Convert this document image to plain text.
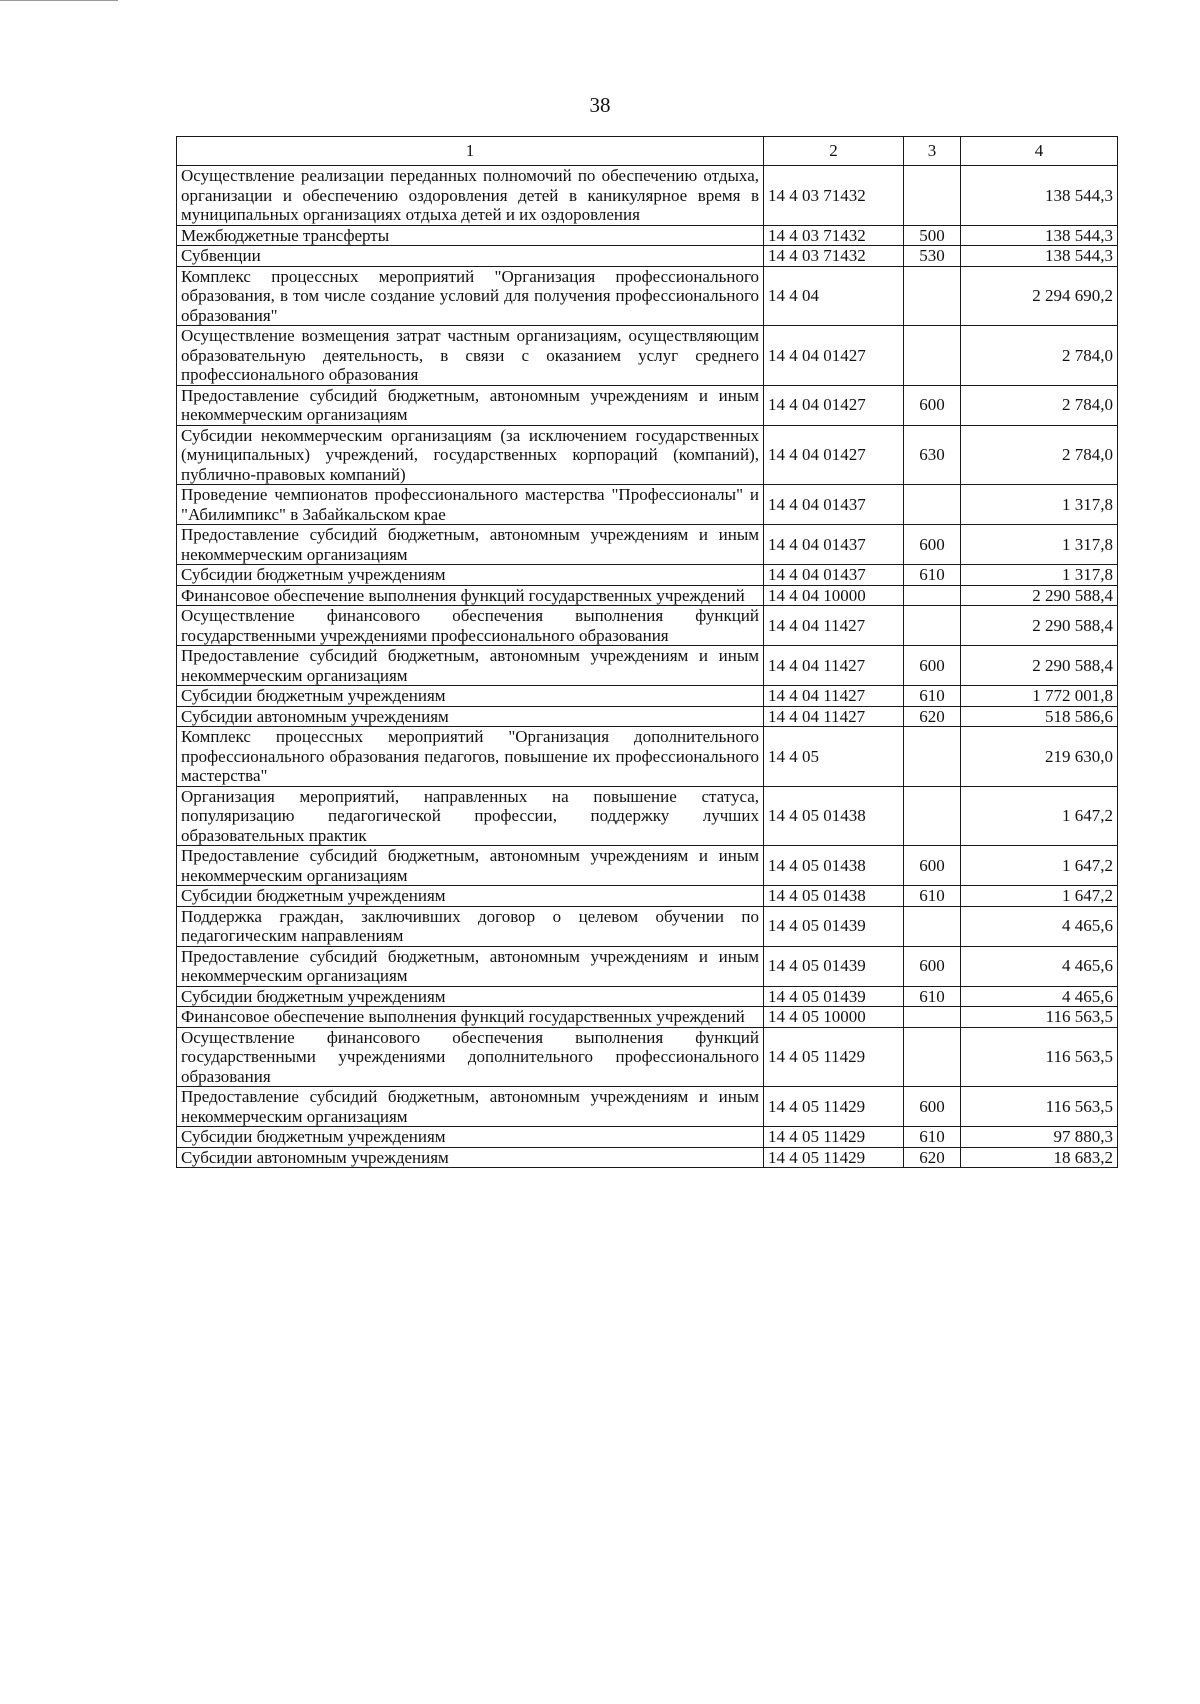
38
1	2	3	4
Осуществление реализации переданных полномочий по обеспечению отдыха, организации и обеспечению оздоровления детей в каникулярное время в муниципальных организациях отдыха детей и их оздоровления	14 4 03 71432		138 544,3
Межбюджетные трансферты	14 4 03 71432	500	138 544,3
Субвенции	14 4 03 71432	530	138 544,3
Комплекс процессных мероприятий "Организация профессионального образования, в том числе создание условий для получения профессионального образования"	14 4 04		2 294 690,2
Осуществление возмещения затрат частным организациям, осуществляющим образовательную деятельность, в связи с оказанием услуг среднего профессионального образования	14 4 04 01427		2 784,0
Предоставление субсидий бюджетным, автономным учреждениям и иным некоммерческим организациям	14 4 04 01427	600	2 784,0
Субсидии некоммерческим организациям (за исключением государственных (муниципальных) учреждений, государственных корпораций (компаний), публично-правовых компаний)	14 4 04 01427	630	2 784,0
Проведение чемпионатов профессионального мастерства "Профессионалы" и "Абилимпикс" в Забайкальском крае	14 4 04 01437		1 317,8
Предоставление субсидий бюджетным, автономным учреждениям и иным некоммерческим организациям	14 4 04 01437	600	1 317,8
Субсидии бюджетным учреждениям	14 4 04 01437	610	1 317,8
Финансовое обеспечение выполнения функций государственных учреждений	14 4 04 10000		2 290 588,4
Осуществление финансового обеспечения выполнения функций государственными учреждениями профессионального образования	14 4 04 11427		2 290 588,4
Предоставление субсидий бюджетным, автономным учреждениям и иным некоммерческим организациям	14 4 04 11427	600	2 290 588,4
Субсидии бюджетным учреждениям	14 4 04 11427	610	1 772 001,8
Субсидии автономным учреждениям	14 4 04 11427	620	518 586,6
Комплекс процессных мероприятий "Организация дополнительного профессионального образования педагогов, повышение их профессионального мастерства"	14 4 05		219 630,0
Организация мероприятий, направленных на повышение статуса, популяризацию педагогической профессии, поддержку лучших образовательных практик	14 4 05 01438		1 647,2
Предоставление субсидий бюджетным, автономным учреждениям и иным некоммерческим организациям	14 4 05 01438	600	1 647,2
Субсидии бюджетным учреждениям	14 4 05 01438	610	1 647,2
Поддержка граждан, заключивших договор о целевом обучении по педагогическим направлениям	14 4 05 01439		4 465,6
Предоставление субсидий бюджетным, автономным учреждениям и иным некоммерческим организациям	14 4 05 01439	600	4 465,6
Субсидии бюджетным учреждениям	14 4 05 01439	610	4 465,6
Финансовое обеспечение выполнения функций государственных учреждений	14 4 05 10000		116 563,5
Осуществление финансового обеспечения выполнения функций государственными учреждениями дополнительного профессионального образования	14 4 05 11429		116 563,5
Предоставление субсидий бюджетным, автономным учреждениям и иным некоммерческим организациям	14 4 05 11429	600	116 563,5
Субсидии бюджетным учреждениям	14 4 05 11429	610	97 880,3
Субсидии автономным учреждениям	14 4 05 11429	620	18 683,2
